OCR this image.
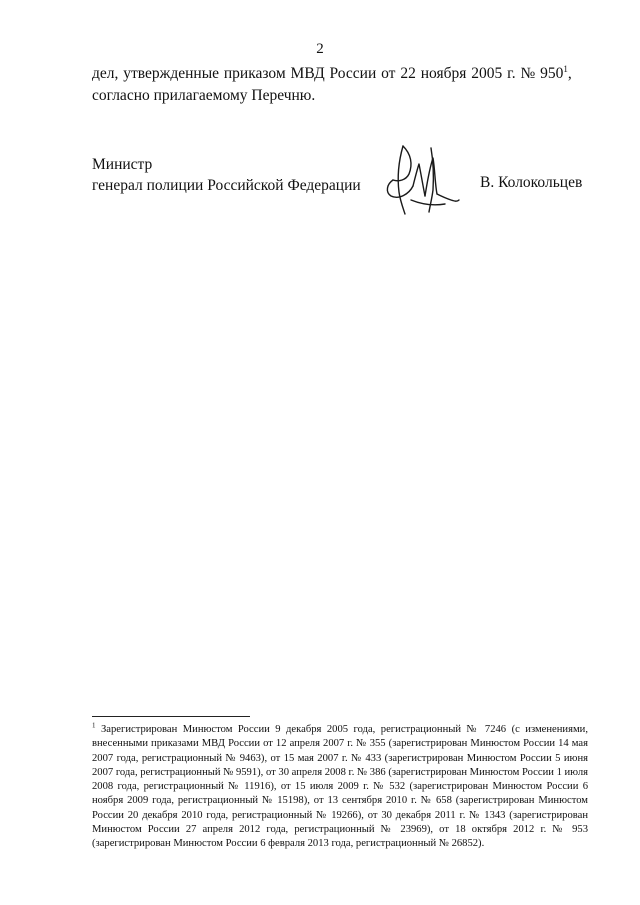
2

дел, утвержденные приказом МВД России от 22 ноября 2005 г. № 950$^1$,
согласно прилагаемому Перечню.

Министр
генерал полиции Российской Федерации	В. Колокольцев

$^1$ Зарегистрирован Минюстом России 9 декабря 2005 года, регистрационный № 7246 (с изменениями, внесенными приказами МВД России от 12 апреля 2007 г. № 355 (зарегистрирован Минюстом России 14 мая 2007 года, регистрационный № 9463), от 15 мая 2007 г. № 433 (зарегистрирован Минюстом России 5 июня 2007 года, регистрационный № 9591), от 30 апреля 2008 г. № 386 (зарегистрирован Минюстом России 1 июля 2008 года, регистрационный № 11916), от 15 июля 2009 г. № 532 (зарегистрирован Минюстом России 6 ноября 2009 года, регистрационный № 15198), от 13 сентября 2010 г. № 658 (зарегистрирован Минюстом России 20 декабря 2010 года, регистрационный № 19266), от 30 декабря 2011 г. № 1343 (зарегистрирован Минюстом России 27 апреля 2012 года, регистрационный № 23969), от 18 октября 2012 г. № 953 (зарегистрирован Минюстом России 6 февраля 2013 года, регистрационный № 26852).
